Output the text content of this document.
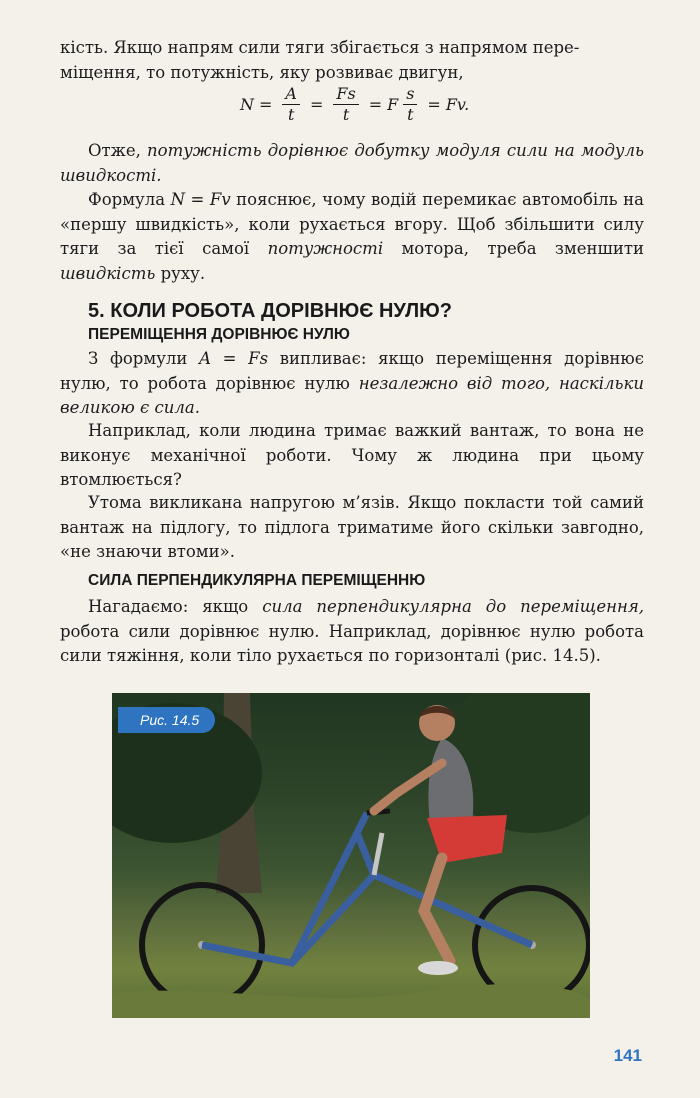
кість. Якщо напрям сили тяги збігається з напрямом пере-

міщення, то потужність, яку розвиває двигун,

$N = \frac{A}{t} = \frac{Fs}{t} = F \frac{s}{t} = Fv$.

Отже, потужність дорівнює добутку модуля сили на модуль швидкості.

Формула N = Fv пояснює, чому водій перемикає автомобіль на «першу швидкість», коли рухається вгору. Щоб збільшити силу тяги за тієї самої потужності мотора, треба зменшити швидкість руху.

5. КОЛИ РОБОТА ДОРІВНЮЄ НУЛЮ?
ПЕРЕМІЩЕННЯ ДОРІВНЮЄ НУЛЮ

З формули A = Fs випливає: якщо переміщення дорівнює нулю, то робота дорівнює нулю незалежно від того, наскільки великою є сила.

Наприклад, коли людина тримає важкий вантаж, то вона не виконує механічної роботи. Чому ж людина при цьому втомлюється?

Утома викликана напругою м’язів. Якщо покласти той самий вантаж на підлогу, то підлога триматиме його скільки завгодно, «не знаючи втоми».

СИЛА ПЕРПЕНДИКУЛЯРНА ПЕРЕМІЩЕННЮ

Нагадаємо: якщо сила перпендикулярна до переміщення, робота сили дорівнює нулю. Наприклад, дорівнює нулю робота сили тяжіння, коли тіло рухається по горизонталі (рис. 14.5).

Рис. 14.5
141
